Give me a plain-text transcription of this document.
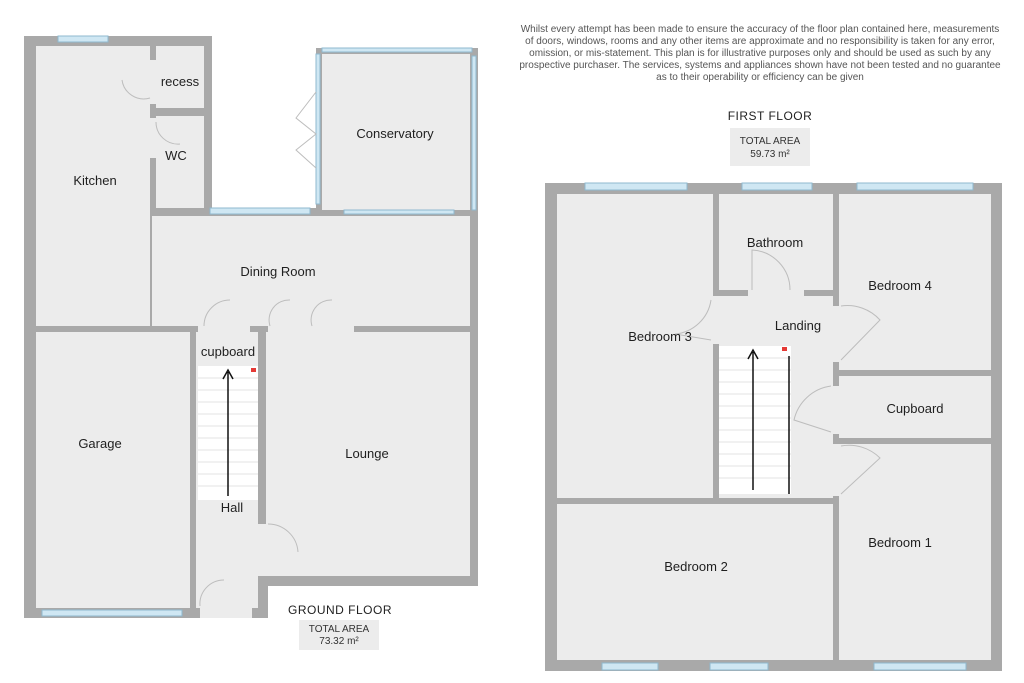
Whilst every attempt has been made to ensure the accuracy of the floor plan contained here, measurements
of doors, windows, rooms and any other items are approximate and no responsibility is taken for any error,
omission, or mis-statement. This plan is for illustrative purposes only and should be used as such by any
prospective purchaser. The services, systems and appliances shown have not been tested and no guarantee
as to their operability or efficiency can be given
Kitchen
recess
WC
Conservatory
Dining Room
cupboard
Garage
Hall
Lounge
GROUND FLOOR
TOTAL AREA
73.32 m²
FIRST FLOOR
TOTAL AREA
59.73 m²
Bathroom
Bedroom 4
Landing
Bedroom 3
Cupboard
Bedroom 2
Bedroom 1
